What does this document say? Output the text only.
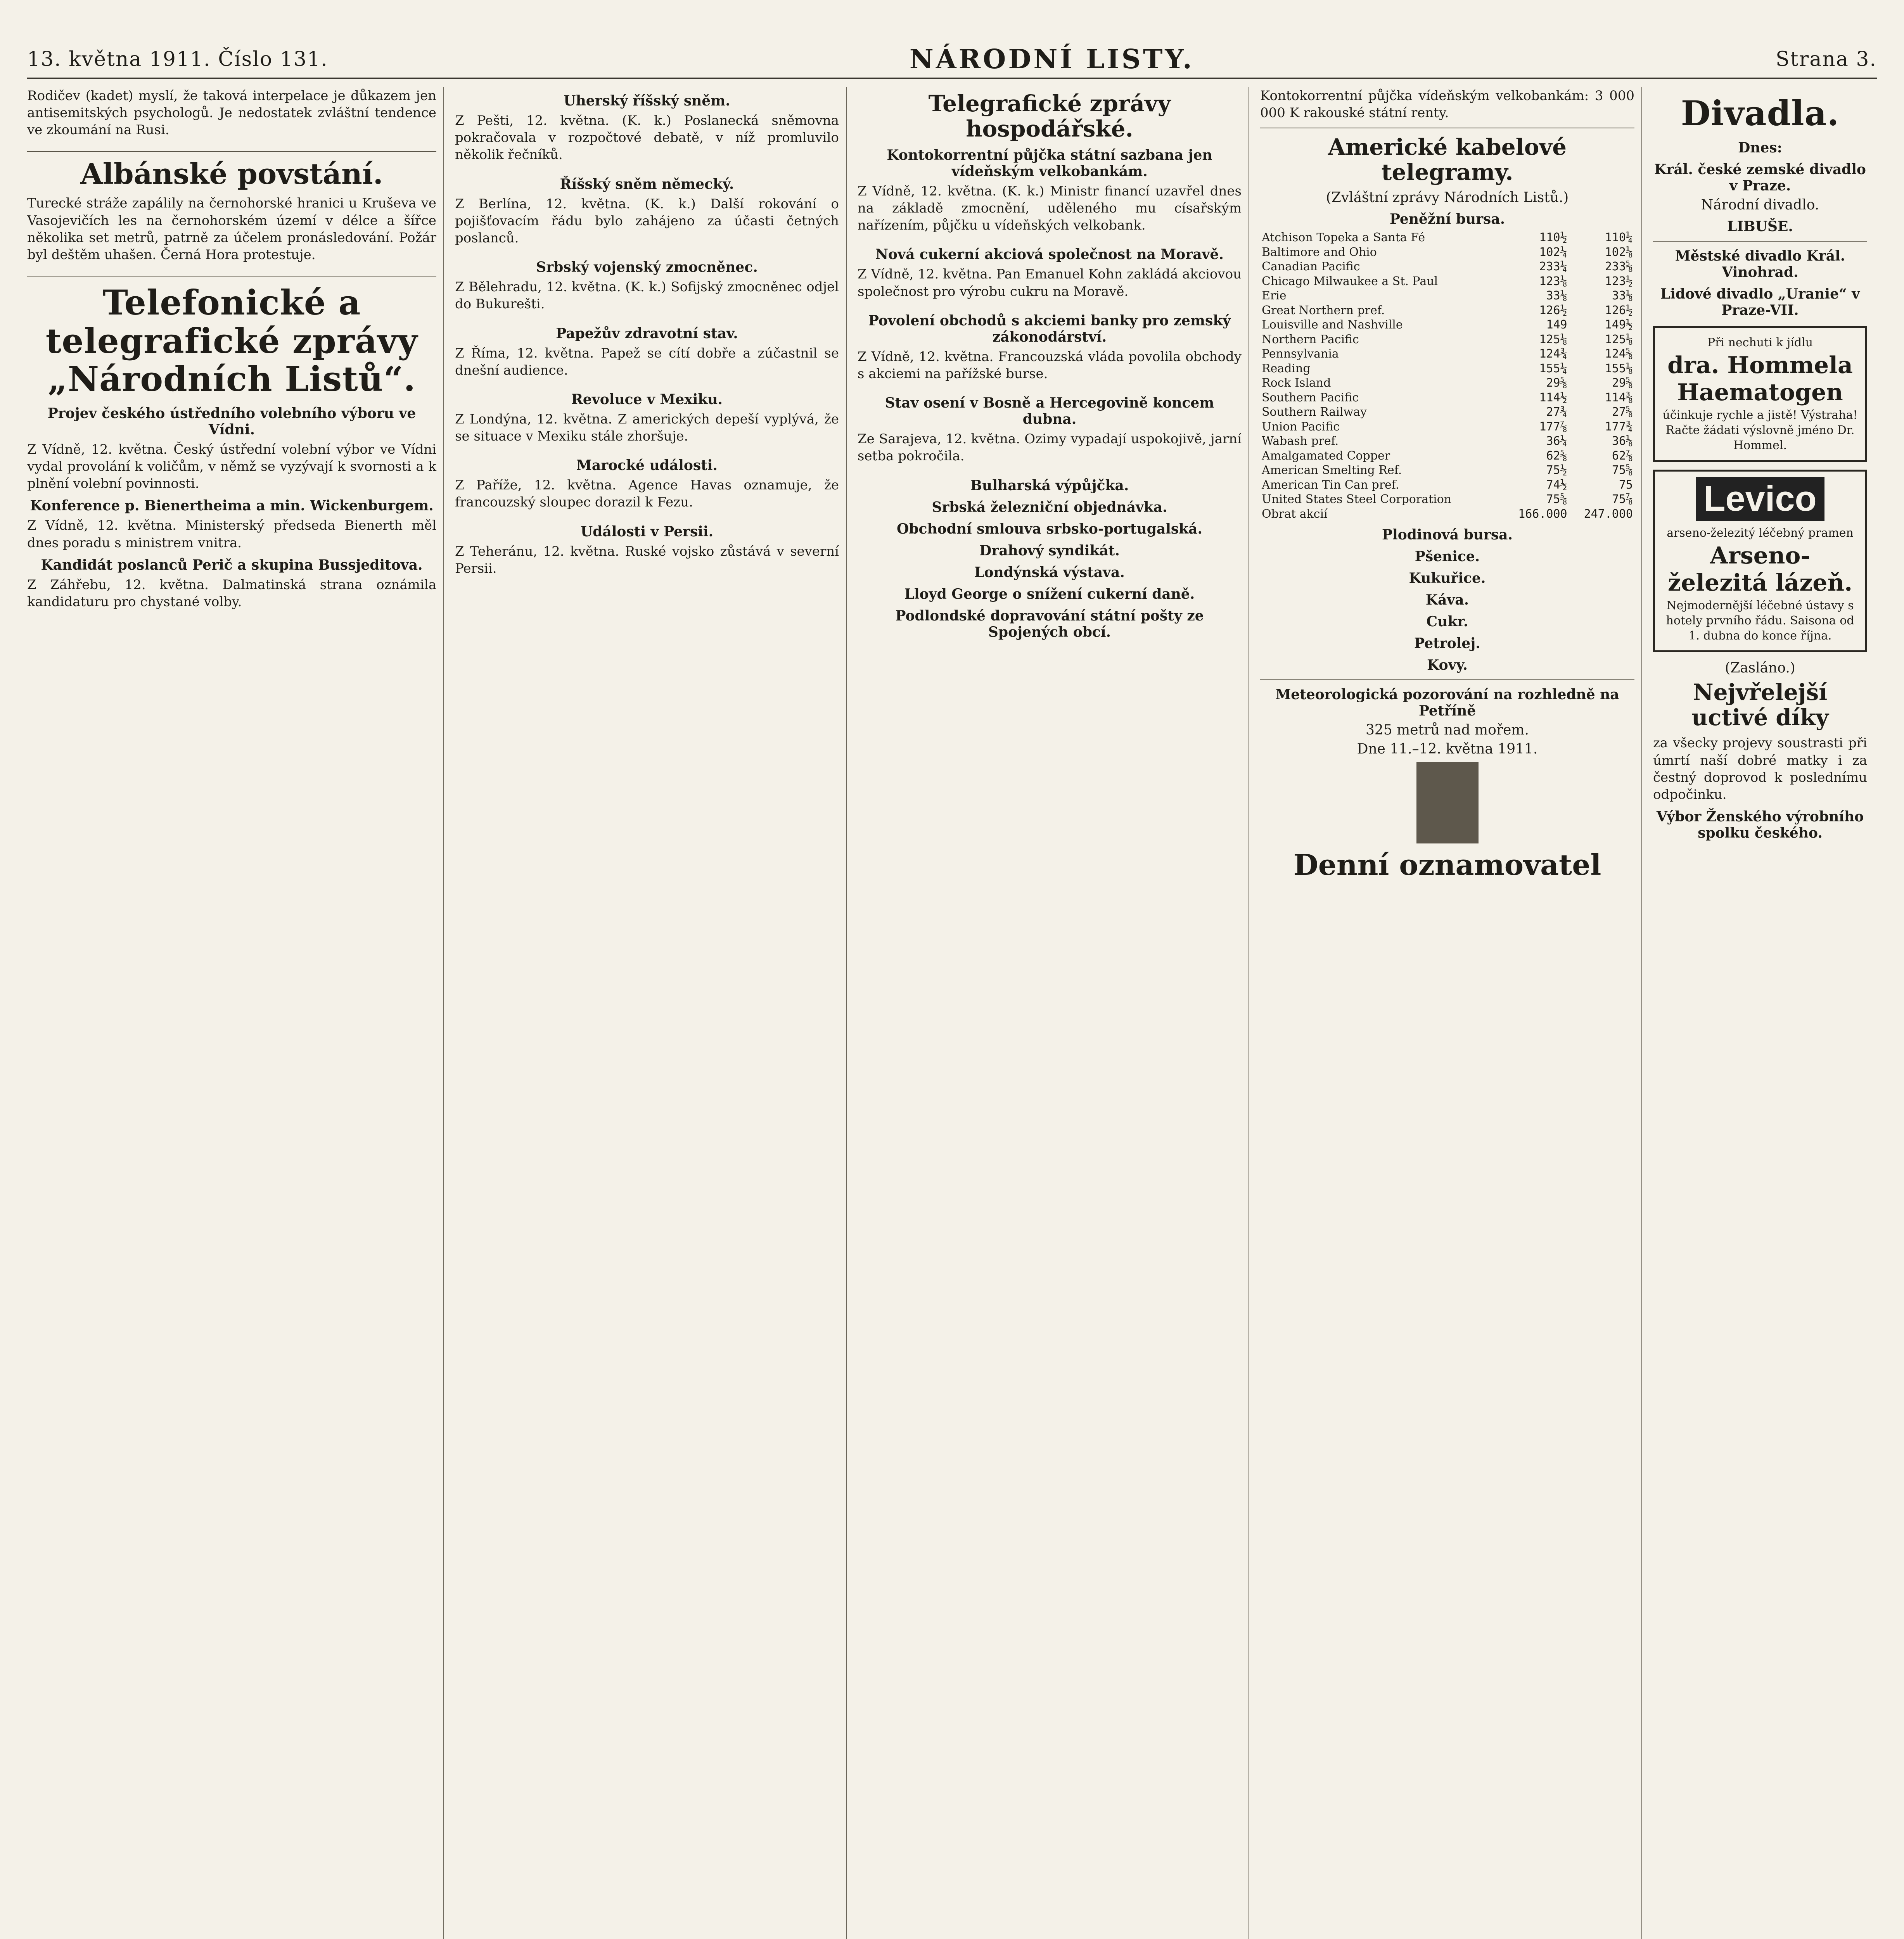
13. května 1911. Číslo 131.	NÁRODNÍ LISTY.	Strana 3.

Rodičev (kadet) myslí, že taková interpelace je důkazem jen antisemitských psychologů. Je nedostatek zvláštní tendence ve zkoumání na Rusi.

Albánské povstání.

Turecké stráže zapálily na černohorské hranici u Kruševa ve Vasojevičích les na černohorském území v délce a šířce několika set metrů, patrně za účelem pronásledování. Požár byl deštěm uhašen. Černá Hora protestuje.

Telefonické a telegrafické zprávy „Národních Listů“.
Projev českého ústředního volebního výboru ve Vídni.

Z Vídně, 12. května. Český ústřední volební výbor ve Vídni vydal provolání k voličům, v němž se vyzývají k svornosti a k plnění volební povinnosti.

Konference p. Bienertheima a min. Wickenburgem.

Z Vídně, 12. května. Ministerský předseda Bienerth měl dnes poradu s ministrem vnitra.

Kandidát poslanců Perič a skupina Bussjeditova.

Z Záhřebu, 12. května. Dalmatinská strana oznámila kandidaturu pro chystané volby.

Uherský říšský sněm.

Z Pešti, 12. května. (K. k.) Poslanecká sněmovna pokračovala v rozpočtové debatě, v níž promluvilo několik řečníků.

Říšský sněm německý.

Z Berlína, 12. května. (K. k.) Další rokování o pojišťovacím řádu bylo zahájeno za účasti četných poslanců.

Srbský vojenský zmocněnec.

Z Bělehradu, 12. května. (K. k.) Sofijský zmocněnec odjel do Bukurešti.

Papežův zdravotní stav.

Z Říma, 12. května. Papež se cítí dobře a zúčastnil se dnešní audience.

Revoluce v Mexiku.

Z Londýna, 12. května. Z amerických depeší vyplývá, že se situace v Mexiku stále zhoršuje.

Marocké události.

Z Paříže, 12. května. Agence Havas oznamuje, že francouzský sloupec dorazil k Fezu.

Události v Persii.

Z Teheránu, 12. května. Ruské vojsko zůstává v severní Persii.

Telegrafické zprávy hospodářské.
Kontokorrentní půjčka státní sazbana jen vídeňským velkobankám.

Z Vídně, 12. května. (K. k.) Ministr financí uzavřel dnes na základě zmocnění, uděleného mu císařským nařízením, půjčku u vídeňských velkobank.

Nová cukerní akciová společnost na Moravě.

Z Vídně, 12. května. Pan Emanuel Kohn zakládá akciovou společnost pro výrobu cukru na Moravě.

Povolení obchodů s akciemi banky pro zemský zákonodárství.

Z Vídně, 12. května. Francouzská vláda povolila obchody s akciemi na pařížské burse.

Stav osení v Bosně a Hercegovině koncem dubna.

Ze Sarajeva, 12. května. Ozimy vypadají uspokojivě, jarní setba pokročila.

Bulharská výpůjčka.
Srbská železniční objednávka.
Obchodní smlouva srbsko-portugalská.
Drahový syndikát.
Londýnská výstava.
Lloyd George o snížení cukerní daně.
Podlondské dopravování státní pošty ze Spojených obcí.

Kontokorrentní půjčka vídeňským velkobankám: 3 000 000 K rakouské státní renty.

Americké kabelové telegramy.
(Zvláštní zprávy Národních Listů.)
Peněžní bursa.
Atchison Topeka a Santa Fé	110½	110¼
Baltimore and Ohio	102¼	102⅛
Canadian Pacific	233¼	233⅝
Chicago Milwaukee a St. Paul	123⅛	123½
Erie	33⅛	33⅛
Great Northern pref.	126½	126½
Louisville and Nashville	149	149½
Northern Pacific	125⅛	125⅛
Pennsylvania	124¾	124⅝
Reading	155¼	155⅛
Rock Island	29⅝	29⅝
Southern Pacific	114½	114⅜
Southern Railway	27¾	27⅝
Union Pacific	177⅞	177¾
Wabash pref.	36¼	36⅛
Amalgamated Copper	62⅝	62⅞
American Smelting Ref.	75½	75⅝
American Tin Can pref.	74½	75
United States Steel Corporation	75⅝	75⅞
Obrat akcií	166.000	247.000
Plodinová bursa.
Pšenice.
Kukuřice.
Káva.
Cukr.
Petrolej.
Kovy.
Meteorologická pozorování na rozhledně na Petříně
325 metrů nad mořem.
Dne 11.–12. května 1911.
Denní oznamovatel
Divadla.
Dnes:
Král. české zemské divadlo v Praze.
Národní divadlo.
LIBUŠE.
Městské divadlo Král. Vinohrad.
Lidové divadlo „Uranie“ v Praze-VII.
Při nechuti k jídlu
dra. Hommela Haematogen
účinkuje rychle a jistě! Výstraha! Račte žádati výslovně jméno Dr. Hommel.
Levico
arseno-železitý léčebný pramen
Arseno-železitá lázeň.
Nejmodernější léčebné ústavy s hotely prvního řádu. Saisona od 1. dubna do konce října.
(Zasláno.)
Nejvřelejší uctivé díky

za všecky projevy soustrasti při úmrtí naší dobré matky i za čestný doprovod k poslednímu odpočinku.

Výbor Ženského výrobního spolku českého.
